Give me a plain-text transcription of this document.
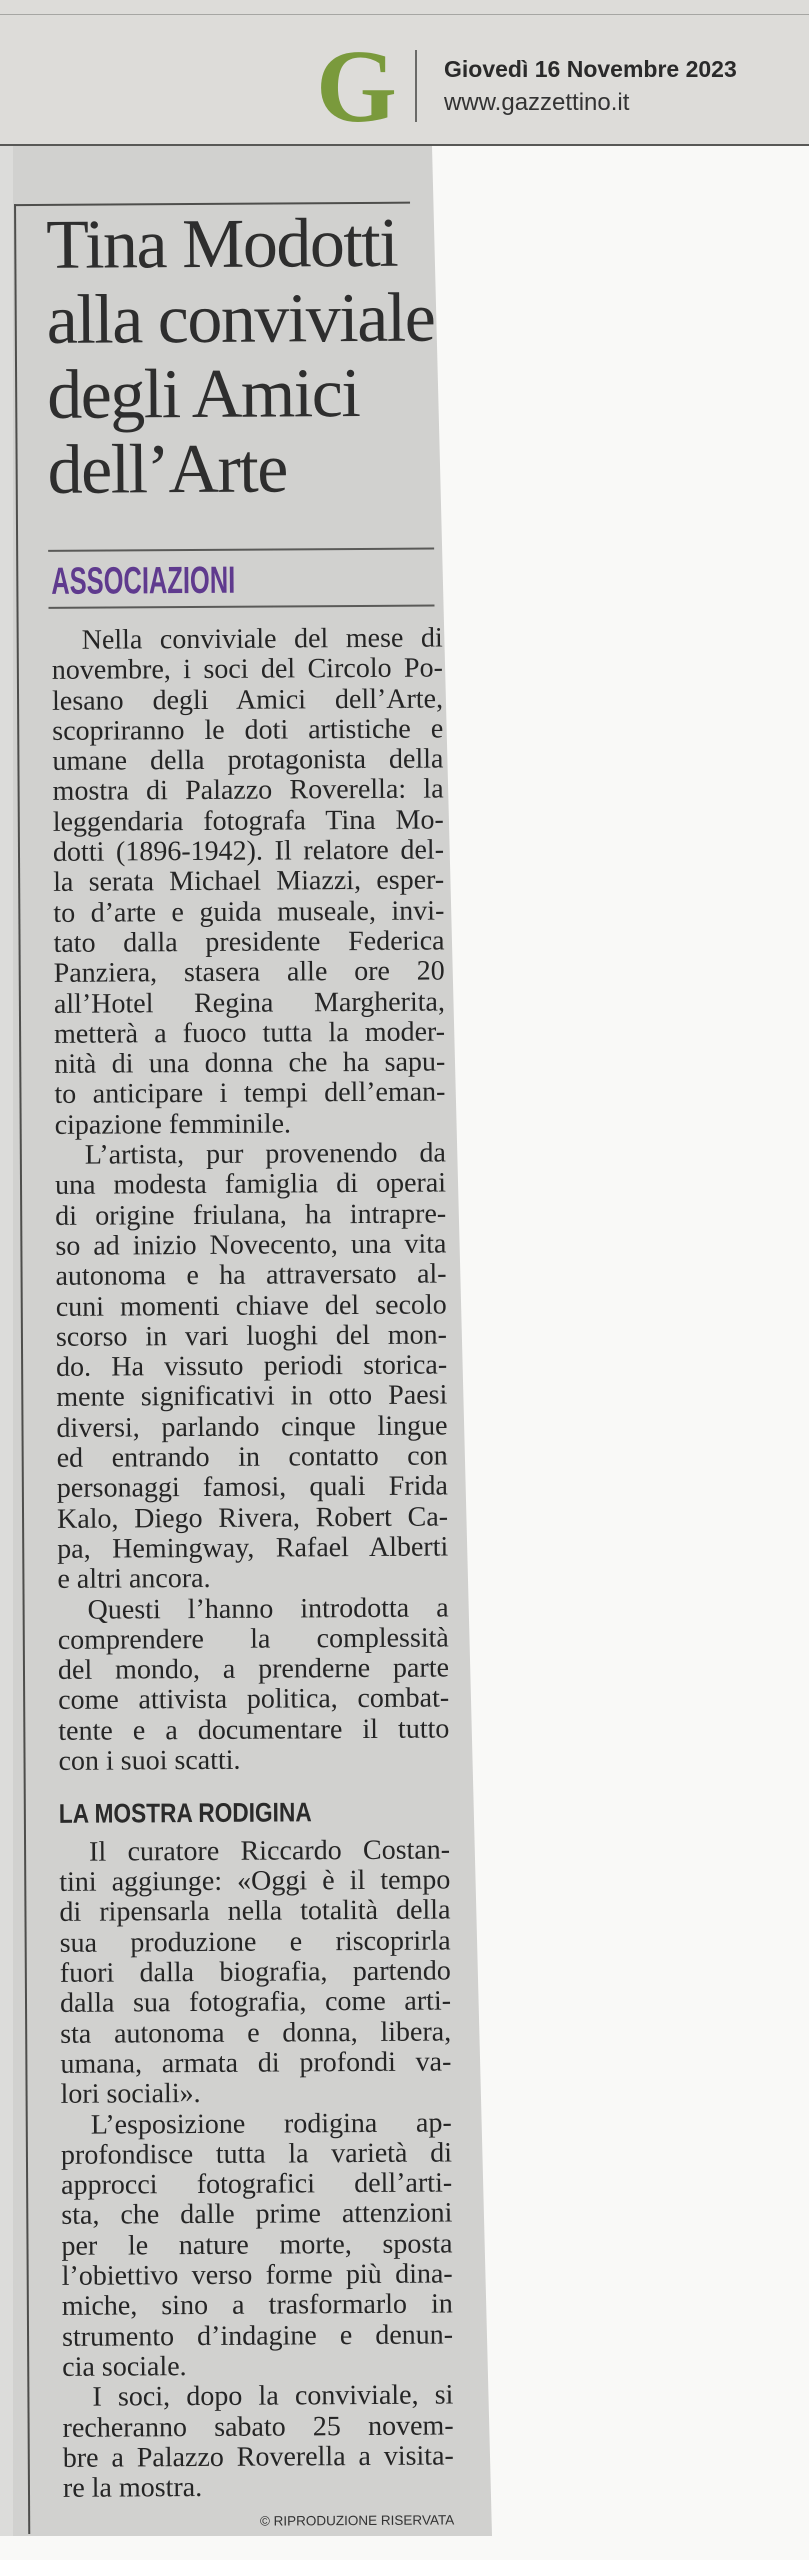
G Giovedì 16 Novembre 2023
www.gazzettino.it
Tina Modotti
alla conviviale
degli Amici
dell’Arte
ASSOCIAZIONI
Nella conviviale del mese di
novembre, i soci del Circolo Po-
lesano degli Amici dell’Arte,
scopriranno le doti artistiche e
umane della protagonista della
mostra di Palazzo Roverella: la
leggendaria fotografa Tina Mo-
dotti (1896-1942). Il relatore del-
la serata Michael Miazzi, esper-
to d’arte e guida museale, invi-
tato dalla presidente Federica
Panziera, stasera alle ore 20
all’Hotel Regina Margherita,
metterà a fuoco tutta la moder-
nità di una donna che ha sapu-
to anticipare i tempi dell’eman-
cipazione femminile.
L’artista, pur provenendo da
una modesta famiglia di operai
di origine friulana, ha intrapre-
so ad inizio Novecento, una vita
autonoma e ha attraversato al-
cuni momenti chiave del secolo
scorso in vari luoghi del mon-
do. Ha vissuto periodi storica-
mente significativi in otto Paesi
diversi, parlando cinque lingue
ed entrando in contatto con
personaggi famosi, quali Frida
Kalo, Diego Rivera, Robert Ca-
pa, Hemingway, Rafael Alberti
e altri ancora.
Questi l’hanno introdotta a
comprendere la complessità
del mondo, a prenderne parte
come attivista politica, combat-
tente e a documentare il tutto
con i suoi scatti.
LA MOSTRA RODIGINA
Il curatore Riccardo Costan-
tini aggiunge: «Oggi è il tempo
di ripensarla nella totalità della
sua produzione e riscoprirla
fuori dalla biografia, partendo
dalla sua fotografia, come arti-
sta autonoma e donna, libera,
umana, armata di profondi va-
lori sociali».
L’esposizione rodigina ap-
profondisce tutta la varietà di
approcci fotografici dell’arti-
sta, che dalle prime attenzioni
per le nature morte, sposta
l’obiettivo verso forme più dina-
miche, sino a trasformarlo in
strumento d’indagine e denun-
cia sociale.
I soci, dopo la conviviale, si
recheranno sabato 25 novem-
bre a Palazzo Roverella a visita-
re la mostra.
© RIPRODUZIONE RISERVATA
